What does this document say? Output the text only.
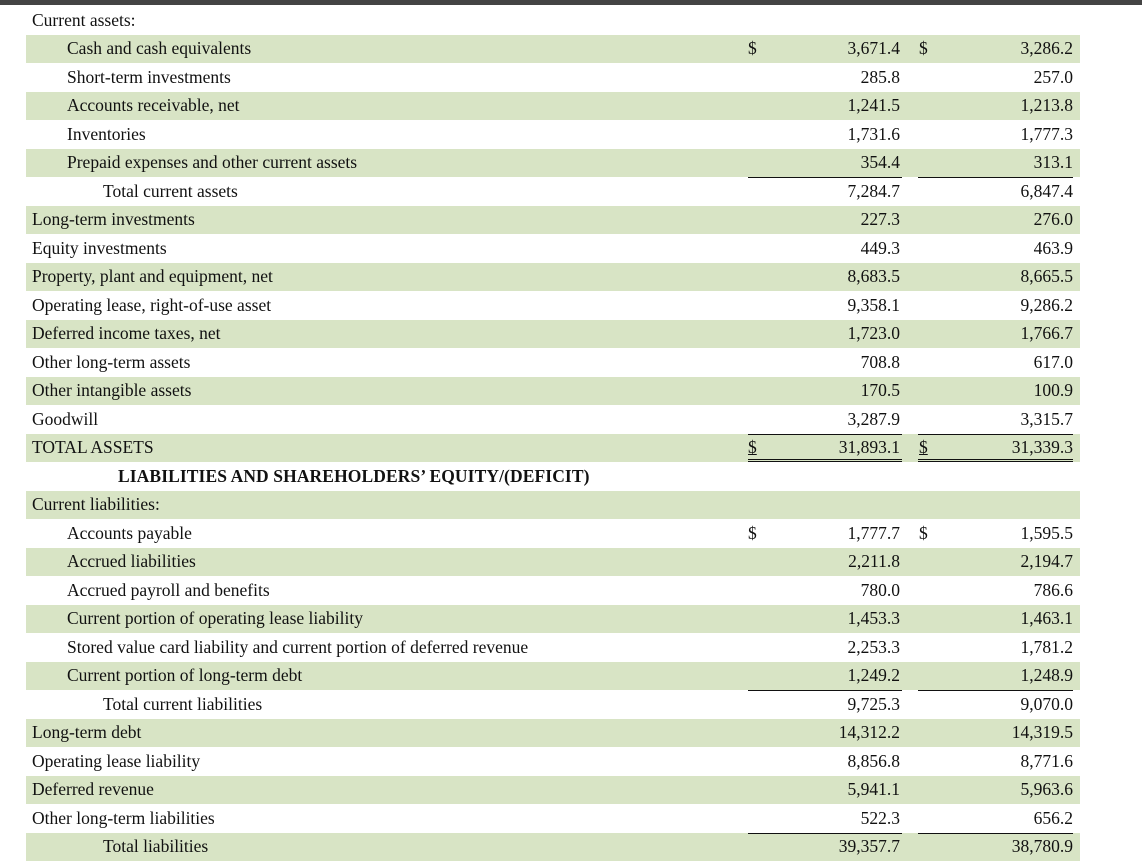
Current assets:
Cash and cash equivalents	$	3,671.4 $	3,286.2
Short-term investments	285.8	257.0
Accounts receivable, net	1,241.5	1,213.8
Inventories	1,731.6	1,777.3
Prepaid expenses and other current assets	354.4	313.1
Total current assets	7,284.7	6,847.4
Long-term investments	227.3	276.0
Equity investments	449.3	463.9
Property, plant and equipment, net	8,683.5	8,665.5
Operating lease, right-of-use asset	9,358.1	9,286.2
Deferred income taxes, net	1,723.0	1,766.7
Other long-term assets	708.8	617.0
Other intangible assets	170.5	100.9
Goodwill	3,287.9	3,315.7
TOTAL ASSETS	$	31,893.1 $	31,339.3
LIABILITIES AND SHAREHOLDERS’ EQUITY/(DEFICIT)
Current liabilities:
Accounts payable	$	1,777.7 $	1,595.5
Accrued liabilities	2,211.8	2,194.7
Accrued payroll and benefits	780.0	786.6
Current portion of operating lease liability	1,453.3	1,463.1
Stored value card liability and current portion of deferred revenue	2,253.3	1,781.2
Current portion of long-term debt	1,249.2	1,248.9
Total current liabilities	9,725.3	9,070.0
Long-term debt	14,312.2	14,319.5
Operating lease liability	8,856.8	8,771.6
Deferred revenue	5,941.1	5,963.6
Other long-term liabilities	522.3	656.2
Total liabilities	39,357.7	38,780.9
